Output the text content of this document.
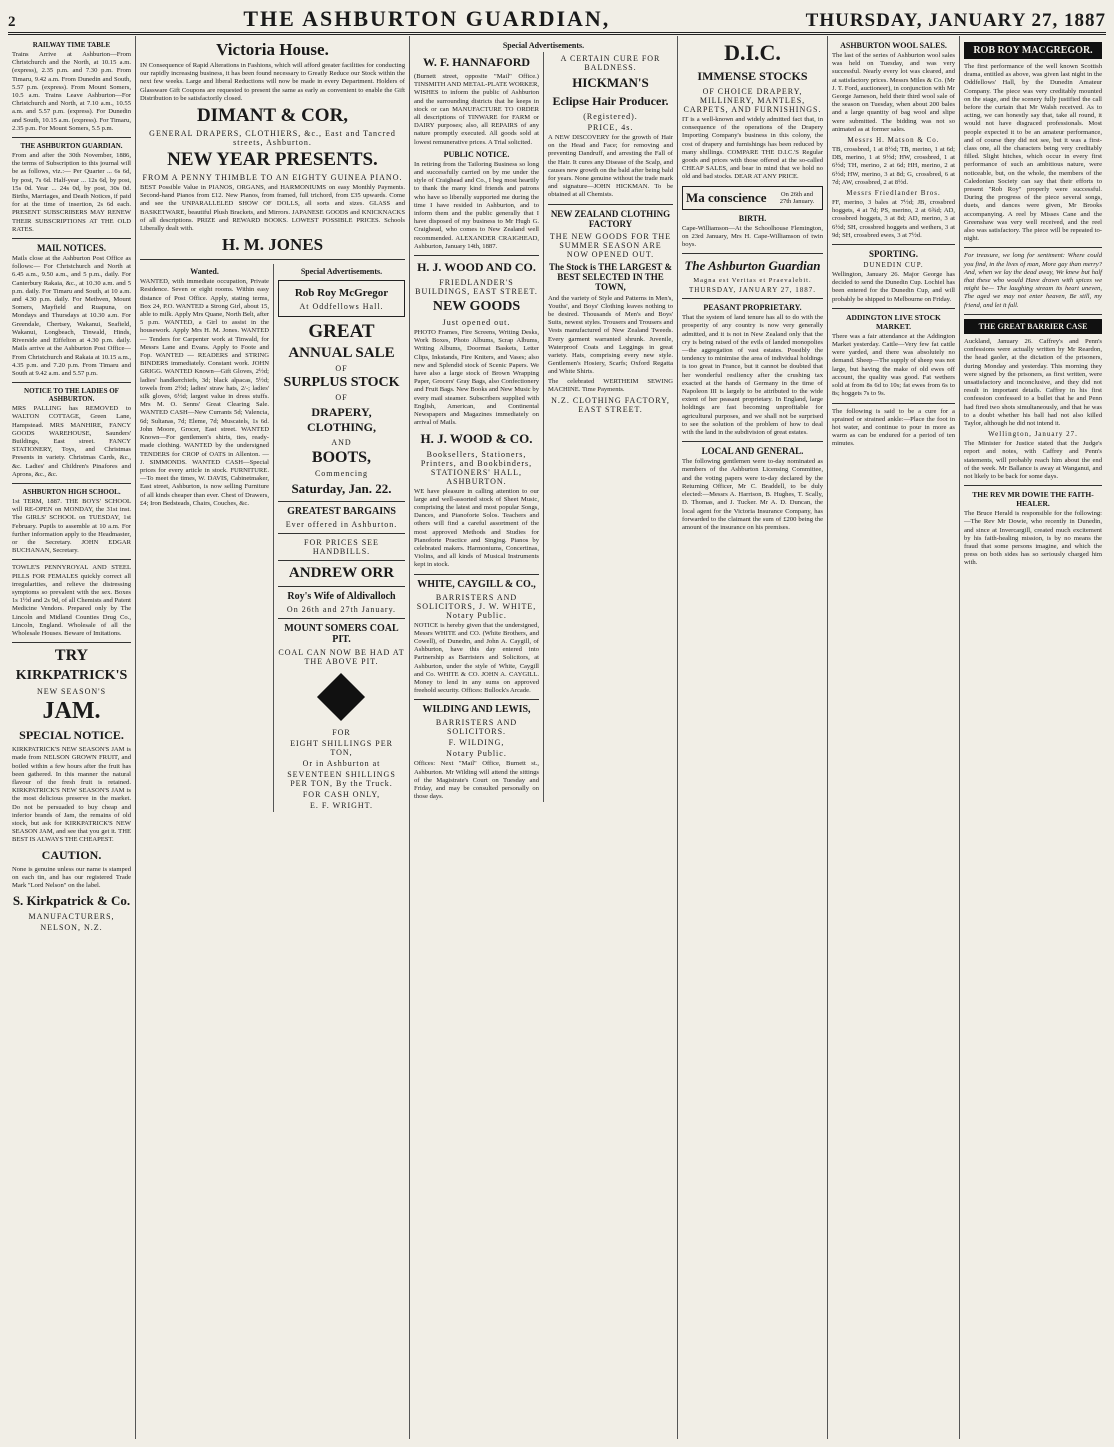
2	THE ASHBURTON GUARDIAN,	THURSDAY, JANUARY 27, 1887
RAILWAY TIME TABLE

Trains Arrive at Ashburton—From Christchurch and the North, at 10.15 a.m. (express), 2.35 p.m. and 7.30 p.m. From Timaru, 9.42 a.m. From Dunedin and South, 5.57 p.m. (express). From Mount Somers, 10.5 a.m. Trains Leave Ashburton—For Christchurch and North, at 7.10 a.m., 10.55 a.m. and 5.57 p.m. (express). For Dunedin and South, 10.15 a.m. (express). For Timaru, 2.35 p.m. For Mount Somers, 5.5 p.m.

THE ASHBURTON GUARDIAN.

From and after the 30th November, 1886, the terms of Subscription to this journal will be as follows, viz.:— Per Quarter ... 6s 6d, by post, 7s 6d. Half-year ... 12s 6d, by post, 15s 0d. Year ... 24s 0d, by post, 30s 0d. Births, Marriages, and Death Notices, if paid for at the time of insertion, 2s 6d each. PRESENT SUBSCRIBERS MAY RENEW THEIR SUBSCRIPTIONS AT THE OLD RATES.

MAIL NOTICES.

Mails close at the Ashburton Post Office as follows:— For Christchurch and North at 6.45 a.m., 9.50 a.m., and 5 p.m., daily. For Canterbury Rakaia, &c., at 10.30 a.m. and 5 p.m. daily. For Timaru and South, at 10 a.m. and 4.30 p.m. daily. For Methven, Mount Somers, Mayfield and Ruapuna, on Mondays and Thursdays at 10.30 a.m. For Greendale, Chertsey, Wakanui, Seafield, Wakanui, Longbeach, Tinwald, Hinds, Riverside and Eiffelton at 4.30 p.m. daily. Mails arrive at the Ashburton Post Office—From Christchurch and Rakaia at 10.15 a.m., 4.35 p.m. and 7.20 p.m. From Timaru and South at 9.42 a.m. and 5.57 p.m.

NOTICE TO THE LADIES OF ASHBURTON.

MRS PALLING has REMOVED to WALTON COTTAGE, Green Lane, Hampstead. MRS MANHIRE, FANCY GOODS WAREHOUSE, Saunders' Buildings, East street. FANCY STATIONERY, Toys, and Christmas Presents in variety. Christmas Cards, &c., &c. Ladies' and Children's Pinafores and Aprons, &c., &c.

ASHBURTON HIGH SCHOOL.

1st TERM, 1887. THE BOYS' SCHOOL will RE-OPEN on MONDAY, the 31st inst. The GIRLS' SCHOOL on TUESDAY, 1st February. Pupils to assemble at 10 a.m. For further information apply to the Headmaster, or the Secretary. JOHN EDGAR BUCHANAN, Secretary.

TOWLE'S PENNYROYAL AND STEEL PILLS FOR FEMALES quickly correct all irregularities, and relieve the distressing symptoms so prevalent with the sex. Boxes 1s 1½d and 2s 9d, of all Chemists and Patent Medicine Vendors. Prepared only by The Lincoln and Midland Counties Drug Co., Lincoln, England. Wholesale of all the Wholesale Houses. Beware of Imitations.

TRY
KIRKPATRICK'S
NEW SEASON'S
JAM.
SPECIAL NOTICE.

KIRKPATRICK'S NEW SEASON'S JAM is made from NELSON GROWN FRUIT, and boiled within a few hours after the fruit has been gathered. In this manner the natural flavour of the fresh fruit is retained. KIRKPATRICK'S NEW SEASON'S JAM is the most delicious preserve in the market. Do not be persuaded to buy cheap and inferior brands of Jam, the remains of old stock, but ask for KIRKPATRICK'S NEW SEASON JAM, and see that you get it. THE BEST IS ALWAYS THE CHEAPEST.

CAUTION.

None is genuine unless our name is stamped on each tin, and has our registered Trade Mark "Lord Nelson" on the label.

S. Kirkpatrick & Co.
MANUFACTURERS,
NELSON, N.Z.
Victoria House.

IN Consequence of Rapid Alterations in Fashions, which will afford greater facilities for conducting our rapidly increasing business, it has been found necessary to Greatly Reduce our Stock within the next few weeks. Large and liberal Reductions will now be made in every Department. Holders of Glassware Gift Coupons are requested to present the same as early as convenient to enable the Gift Distribution to be satisfactorily closed.

DIMANT & COR,
GENERAL DRAPERS, CLOTHIERS, &c., East and Tancred streets, Ashburton.
NEW YEAR PRESENTS.
FROM A PENNY THIMBLE TO AN EIGHTY GUINEA PIANO.

BEST Possible Value in PIANOS, ORGANS, and HARMONIUMS on easy Monthly Payments. Second-hand Pianos from £12. New Pianos, from framed, full trichord, from £35 upwards. Come and see the UNPARALLELED SHOW OF DOLLS, all sorts and sizes. GLASS and BASKETWARE, beautiful Plush Brackets, and Mirrors. JAPANESE GOODS and KNICKNACKS of all descriptions. PRIZE and REWARD BOOKS. LOWEST POSSIBLE PRICES. Schools Liberally dealt with.

H. M. JONES
Wanted.

WANTED, with immediate occupation, Private Residence. Seven or eight rooms. Within easy distance of Post Office. Apply, stating terms, Box 24, P.O. WANTED a Strong Girl, about 15, able to milk. Apply Mrs Quane, North Belt, after 5 p.m. WANTED, a Girl to assist in the housework. Apply Mrs H. M. Jones. WANTED — Tenders for Carpenter work at Tinwald, for Messrs Lane and Evans. Apply to Foote and Fop. WANTED — READERS and STRING BINDERS immediately. Constant work. JOHN GRIGG. WANTED Known—Gift Gloves, 2½d; ladies' handkerchiefs, 3d; black alpacas, 5½d; towels from 2½d; ladies' straw hats, 2/-; ladies' silk gloves, 6½d; largest value in dress stuffs. Mrs M. O. Senns' Great Clearing Sale. WANTED CASH—New Currants 5d; Valencia, 6d; Sultanas, 7d; Eleme, 7d; Muscatels, 1s 6d. John Moore, Grocer, East street. WANTED Known—For gentlemen's shirts, ties, ready-made clothing. WANTED by the undersigned TENDERS for CROP of OATS in Allenton. — J. SIMMONDS. WANTED CASH—Special prices for every article in stock. FURNITURE.—To meet the times, W. DAVIS, Cabinetmaker, East street, Ashburton, is now selling Furniture of all kinds cheaper than ever. Chest of Drawers, £4; Iron Bedsteads, Chairs, Couches, &c.

Special Advertisements.
Rob Roy McGregor
At Oddfellows Hall.
GREAT
ANNUAL SALE
OF
SURPLUS STOCK
OF
DRAPERY, CLOTHING,
AND
BOOTS,
Commencing
Saturday, Jan. 22.
GREATEST BARGAINS
Ever offered in Ashburton.
FOR PRICES SEE HANDBILLS.
ANDREW ORR
Roy's Wife of Aldivalloch
On 26th and 27th January.
MOUNT SOMERS COAL PIT.
COAL CAN NOW BE HAD AT THE ABOVE PIT.
FOR
EIGHT SHILLINGS PER TON,
Or in Ashburton at
SEVENTEEN SHILLINGS PER TON, By the Truck.
FOR CASH ONLY,
E. F. WRIGHT.
Special Advertisements.
W. F. HANNAFORD

(Burnett street, opposite "Mail" Office.) TINSMITH AND METAL-PLATE WORKER, WISHES to inform the public of Ashburton and the surrounding districts that he keeps in stock or can MANUFACTURE TO ORDER all descriptions of TINWARE for FARM or DAIRY purposes; also, all REPAIRS of any nature promptly executed. All goods sold at lowest remunerative prices. A Trial solicited.

PUBLIC NOTICE.

In retiring from the Tailoring Business so long and successfully carried on by me under the style of Craighead and Co., I beg most heartily to thank the many kind friends and patrons who have so liberally supported me during the time I have resided in Ashburton, and to inform them and the public generally that I have disposed of my business to Mr Hugh G. Craighead, who comes to New Zealand well recommended. ALEXANDER CRAIGHEAD, Ashburton, January 14th, 1887.

H. J. WOOD AND CO.
FRIEDLANDER'S BUILDINGS, EAST STREET.
NEW GOODS
Just opened out.

PHOTO Frames, Fire Screens, Writing Desks, Work Boxes, Photo Albums, Scrap Albums, Writing Albums, Doormat Baskets, Letter Clips, Inkstands, Fire Kniters, and Vases; also new and Splendid stock of Scenic Papers. We have also a large stock of Brown Wrapping Paper, Grocers' Gray Bags, also Confectionery and Fruit Bags. New Books and New Music by every mail steamer. Subscribers supplied with English, American, and Continental Newspapers and Magazines immediately on arrival of Mails.

H. J. WOOD & CO.
Booksellers, Stationers, Printers, and Bookbinders, STATIONERS' HALL, ASHBURTON.

WE have pleasure in calling attention to our large and well-assorted stock of Sheet Music, comprising the latest and most popular Songs, Dances, and Pianoforte Solos. Teachers and others will find a careful assortment of the most approved Methods and Studies for Pianoforte Practice and Singing. Pianos by celebrated makers. Harmoniums, Concertinas, Violins, and all kinds of Musical Instruments kept in stock.

WHITE, CAYGILL & CO.,
BARRISTERS AND SOLICITORS, J. W. WHITE, Notary Public.

NOTICE is hereby given that the undersigned, Messrs WHITE and CO. (White Brothers, and Cowell), of Dunedin, and John A. Caygill, of Ashburton, have this day entered into Partnership as Barristers and Solicitors, at Ashburton, under the style of White, Caygill and Co. WHITE & CO. JOHN A. CAYGILL. Money to lend in any sums on approved freehold security. Offices: Bullock's Arcade.

WILDING AND LEWIS,
BARRISTERS AND SOLICITORS.
F. WILDING,
Notary Public.

Offices: Next "Mail" Office, Burnett st., Ashburton. Mr Wilding will attend the sittings of the Magistrate's Court on Tuesday and Friday, and may be consulted personally on those days.

A CERTAIN CURE FOR BALDNESS.
HICKMAN'S
Eclipse Hair Producer.
(Registered).
PRICE, 4s.

A NEW DISCOVERY for the growth of Hair on the Head and Face; for removing and preventing Dandruff, and arresting the Fall of the Hair. It cures any Disease of the Scalp, and causes new growth on the bald after being bald for years. None genuine without the trade mark and signature—JOHN HICKMAN. To be obtained at all Chemists.

NEW ZEALAND CLOTHING FACTORY
THE NEW GOODS FOR THE SUMMER SEASON ARE NOW OPENED OUT.
The Stock is THE LARGEST & BEST SELECTED IN THE TOWN,

And the variety of Style and Patterns in Men's, Youths', and Boys' Clothing leaves nothing to be desired. Thousands of Men's and Boys' Suits, newest styles. Trousers and Trousers and Vests manufactured of New Zealand Tweeds. Every garment warranted shrunk. Juvenile, Waterproof Coats and Leggings in great variety. Hats, comprising every new style. Gentlemen's Hosiery, Scarfs; Oxford Regatta and White Shirts.

The celebrated WERTHEIM SEWING MACHINE. Time Payments.

N.Z. CLOTHING FACTORY, EAST STREET.
D.I.C.
IMMENSE STOCKS
OF CHOICE DRAPERY, MILLINERY, MANTLES, CARPETS, AND FURNISHINGS.

IT is a well-known and widely admitted fact that, in consequence of the operations of the Drapery Importing Company's business in this colony, the cost of drapery and furnishings has been reduced by many shillings. COMPARE THE D.I.C.'S Regular goods and prices with those offered at the so-called CHEAP SALES, and bear in mind that we hold no old and bad stocks. DEAR AT ANY PRICE.

Ma conscience	On 26th and 27th January.
BIRTH.

Cape-Williamson—At the Schoolhouse Flemington, on 23rd January, Mrs H. Cape-Williamson of twin boys.

The Ashburton Guardian
Magna est Veritas et Praevalebit.
THURSDAY, JANUARY 27, 1887.
PEASANT PROPRIETARY.

That the system of land tenure has all to do with the prosperity of any country is now very generally admitted, and it is not in New Zealand only that the cry is being raised of the evils of landed monopolies—the aggregation of vast estates. Possibly the tendency to minimise the area of individual holdings is too great in France, but it cannot be doubted that her wonderful resiliency after the crushing tax exacted at the hands of Germany in the time of Napoleon III is largely to be attributed to the wide extent of her peasant proprietary. In England, large holdings are fast becoming unprofitable for agricultural purposes, and we shall not be surprised to see the solution of the problem of how to deal with the land in the subdivision of great estates.

LOCAL AND GENERAL.

The following gentlemen were to-day nominated as members of the Ashburton Licensing Committee, and the voting papers were to-day declared by the Returning Officer, Mr C. Braddell, to be duly elected:—Messrs A. Harrison, B. Hughes, T. Scally, D. Thomas, and J. Tucker. Mr A. D. Duncan, the local agent for the Victoria Insurance Company, has forwarded to the claimant the sum of £200 being the amount of the insurance on his premises.

ASHBURTON WOOL SALES.

The last of the series of Ashburton wool sales was held on Tuesday, and was very successful. Nearly every lot was cleared, and at satisfactory prices. Messrs Miles & Co. (Mr J. T. Ford, auctioneer), in conjunction with Mr George Jameson, held their third wool sale of the season on Tuesday, when about 200 bales and a large quantity of bag wool and slipe were submitted. The bidding was not so animated as at former sales.

Messrs H. Matson & Co.

TB, crossbred, 1 at 8½d; TB, merino, 1 at 6d; DB, merino, 1 at 9½d; HW, crossbred, 1 at 6½d; TH, merino, 2 at 6d; HH, merino, 2 at 6½d; HW, merino, 3 at 8d; G, crossbred, 6 at 7d; AW, crossbred, 2 at 8½d.

Messrs Friedlander Bros.

FF, merino, 3 bales at 7½d; JB, crossbred hoggets, 4 at 7d; PS, merino, 2 at 6¾d; AD, crossbred hoggets, 3 at 8d; AD, merino, 3 at 6½d; SH, crossbred hoggets and wethers, 3 at 9d; SH, crossbred ewes, 3 at 7½d.

SPORTING.
DUNEDIN CUP.

Wellington, January 26. Major George has decided to send the Dunedin Cup. Lochiel has been entered for the Dunedin Cup, and will probably be shipped to Melbourne on Friday.

ADDINGTON LIVE STOCK MARKET.

There was a fair attendance at the Addington Market yesterday. Cattle—Very few fat cattle were yarded, and there was absolutely no demand. Sheep—The supply of sheep was not large, but having the make of old ewes off account, the quality was good. Fat wethers sold at from 8s 6d to 10s; fat ewes from 6s to 8s; hoggets 7s to 9s.

The following is said to be a cure for a sprained or strained ankle:—Place the foot in hot water, and continue to pour in more as warm as can be endured for a period of ten minutes.

ROB ROY MACGREGOR.

The first performance of the well known Scottish drama, entitled as above, was given last night in the Oddfellows' Hall, by the Dunedin Amateur Company. The piece was very creditably mounted on the stage, and the scenery fully justified the call before the curtain that Mr Walsh received. As to acting, we can honestly say that, take all round, it would not have disgraced professionals. Most people expected it to be an amateur performance, and of course they did not see, but it was a first-class one, all the characters being very creditably filled. Slight hitches, which occur in every first performance of such an ambitious nature, were noticeable, but, on the whole, the members of the Caledonian Society can say that their efforts to present "Rob Roy" properly were successful. During the progress of the piece several songs, duets, and dances were given, Mr Brooks accompanying. A reel by Misses Cane and the Greenshaw was very well received, and the reel also was satisfactory. The piece will be repeated to-night.

For treasure, we long for sentiment: Where could you find, in the lives of man, More gay than merry? And, when we lay the dead away, We knew but half that these who would Have drawn with spices we might be— The laughing stream its heart uneven, The aged we may not enter heaven, Be still, my friend, and let it fall.

THE GREAT BARRIER CASE

Auckland, January 26. Caffrey's and Penn's confessions were actually written by Mr Reardon, the head gaoler, at the dictation of the prisoners, during Monday and yesterday. This morning they were signed by the prisoners, as first written, were unsatisfactory and inconclusive, and they did not result in important details. Caffrey in his first confession confessed to a bullet that he and Penn had fired two shots simultaneously, and that he was to a doubt whether his ball had not also killed Taylor, although he did not intend it.

Wellington, January 27.

The Minister for Justice stated that the Judge's report and notes, with Caffrey and Penn's statements, will probably reach him about the end of the week. Mr Ballance is away at Wanganui, and not likely to be back for some days.

THE REV MR DOWIE THE FAITH-HEALER.

The Bruce Herald is responsible for the following:—The Rev Mr Dowie, who recently in Dunedin, and since at Invercargill, created much excitement by his faith-healing mission, is by no means the fraud that some persons imagine, and which the press on both sides has so seriously charged him with.
